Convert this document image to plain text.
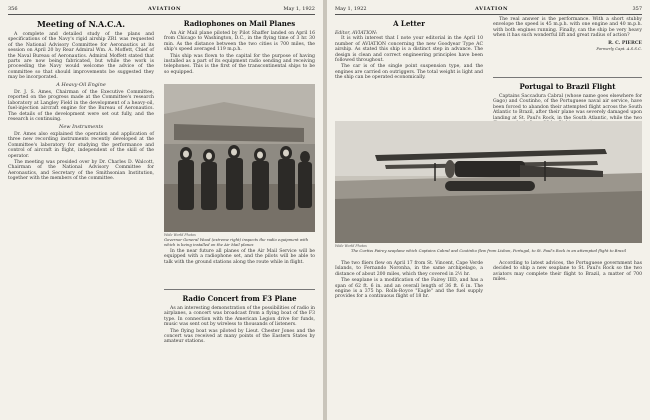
356	AVIATION	May 1, 1922
Meeting of N.A.C.A.

A complete and detailed study of the plans and specifications of the Navy's rigid airship ZR1 was requested of the National Advisory Committee for Aeronautics at its session on April 20 by Rear Admiral Wm. A. Moffett, Chief of the Naval Bureau of Aeronautics. Admiral Moffett stated that parts are now being fabricated, but while the work is proceeding the Navy would welcome the advice of the committee so that should improvements be suggested they may be incorporated.

A Heavy-Oil Engine

Dr. J. S. Ames, Chairman of the Executive Committee, reported on the progress made at the Committee's research laboratory at Langley Field in the development of a heavy-oil, fuel-injection aircraft engine for the Bureau of Aeronautics. The details of the development were set out fully, and the research is continuing.

New Instruments

Dr. Ames also explained the operation and application of three new recording instruments recently developed at the Committee's laboratory for studying the performance and control of aircraft in flight, independent of the skill of the operator.

The meeting was presided over by Dr. Charles D. Walcott, Chairman of the National Advisory Committee for Aeronautics, and Secretary of the Smithsonian Institution, together with the members of the committee.

Radiophones on Mail Planes

An Air Mail plane piloted by Pilot Shaffer landed on April 16 from Chicago to Washington, D.C., in the flying time of 3 hr. 30 min. As the distance between the two cities is 700 miles, the ship's speed averaged 119 m.p.h.

This ship was flown to the capital for the purpose of having installed as a part of its equipment radio sending and receiving telephones. This is the first of the transcontinental ships to be so equipped.

Wide World Photos
Governor General Wood (extreme right) inspects the radio equipment with which is being installed on the Air Mail planes

In the near future all planes of the Air Mail Service will be equipped with a radiophone set, and the pilots will be able to talk with the ground stations along the route while in flight.

Radio Concert from F3 Plane

As an interesting demonstration of the possibilities of radio in airplanes, a concert was broadcast from a flying boat of the F3 type. In connection with the American Legion drive for funds, music was sent out by wireless to thousands of listeners.

The flying boat was piloted by Lieut. Chester Jones and the concert was received at many points of the Eastern States by amateur stations.

May 1, 1922	AVIATION	357
A Letter
Editor, AVIATION:

It is with interest that I note your editorial in the April 10 number of AVIATION concerning the new Goodyear Type AC airship. As stated this ship is a distinct step in advance. The design is clean and correct engineering principles have been followed throughout.

The car is of the single point suspension type, and the engines are carried on outriggers. The total weight is light and the ship can be operated economically.

The real answer is the performance. With a short stubby envelope the speed is 45 m.p.h. with one engine and 40 m.p.h. with both engines running. Finally, can the ship be very heavy when it has such wonderful lift and great radius of action?

R. C. PIERCE
Formerly Capt. A.S.S.C.
Portugal to Brazil Flight

Captains Saccadura Cabral (whose name goes elsewhere for Gago) and Coutinho, of the Portuguese naval air service, have been forced to abandon their attempted flight across the South Atlantic to Brazil, after their plane was severely damaged upon landing at St. Paul's Rock, in the South Atlantic, while the two

Wide World Photos
The Curtiss Fairey seaplane which Captains Cabral and Coutinho flew from Lisbon, Portugal, to St. Paul's Rock in an attempted flight to Brazil

The two fliers flew on April 17 from St. Vincent, Cape Verde Islands, to Fernando Noronha, in the same archipelago, a distance of about 200 miles, which they covered in 2½ hr.

The seaplane is a modification of the Fairey IIID, and has a span of 62 ft. 6 in. and an overall length of 36 ft. 6 in. The engine is a 375 hp. Rolls-Royce "Eagle" and the fuel supply provides for a continuous flight of 18 hr.

According to latest advices, the Portuguese government has decided to ship a new seaplane to St. Paul's Rock so the two aviators may complete their flight to Brazil, a matter of 700 miles.
